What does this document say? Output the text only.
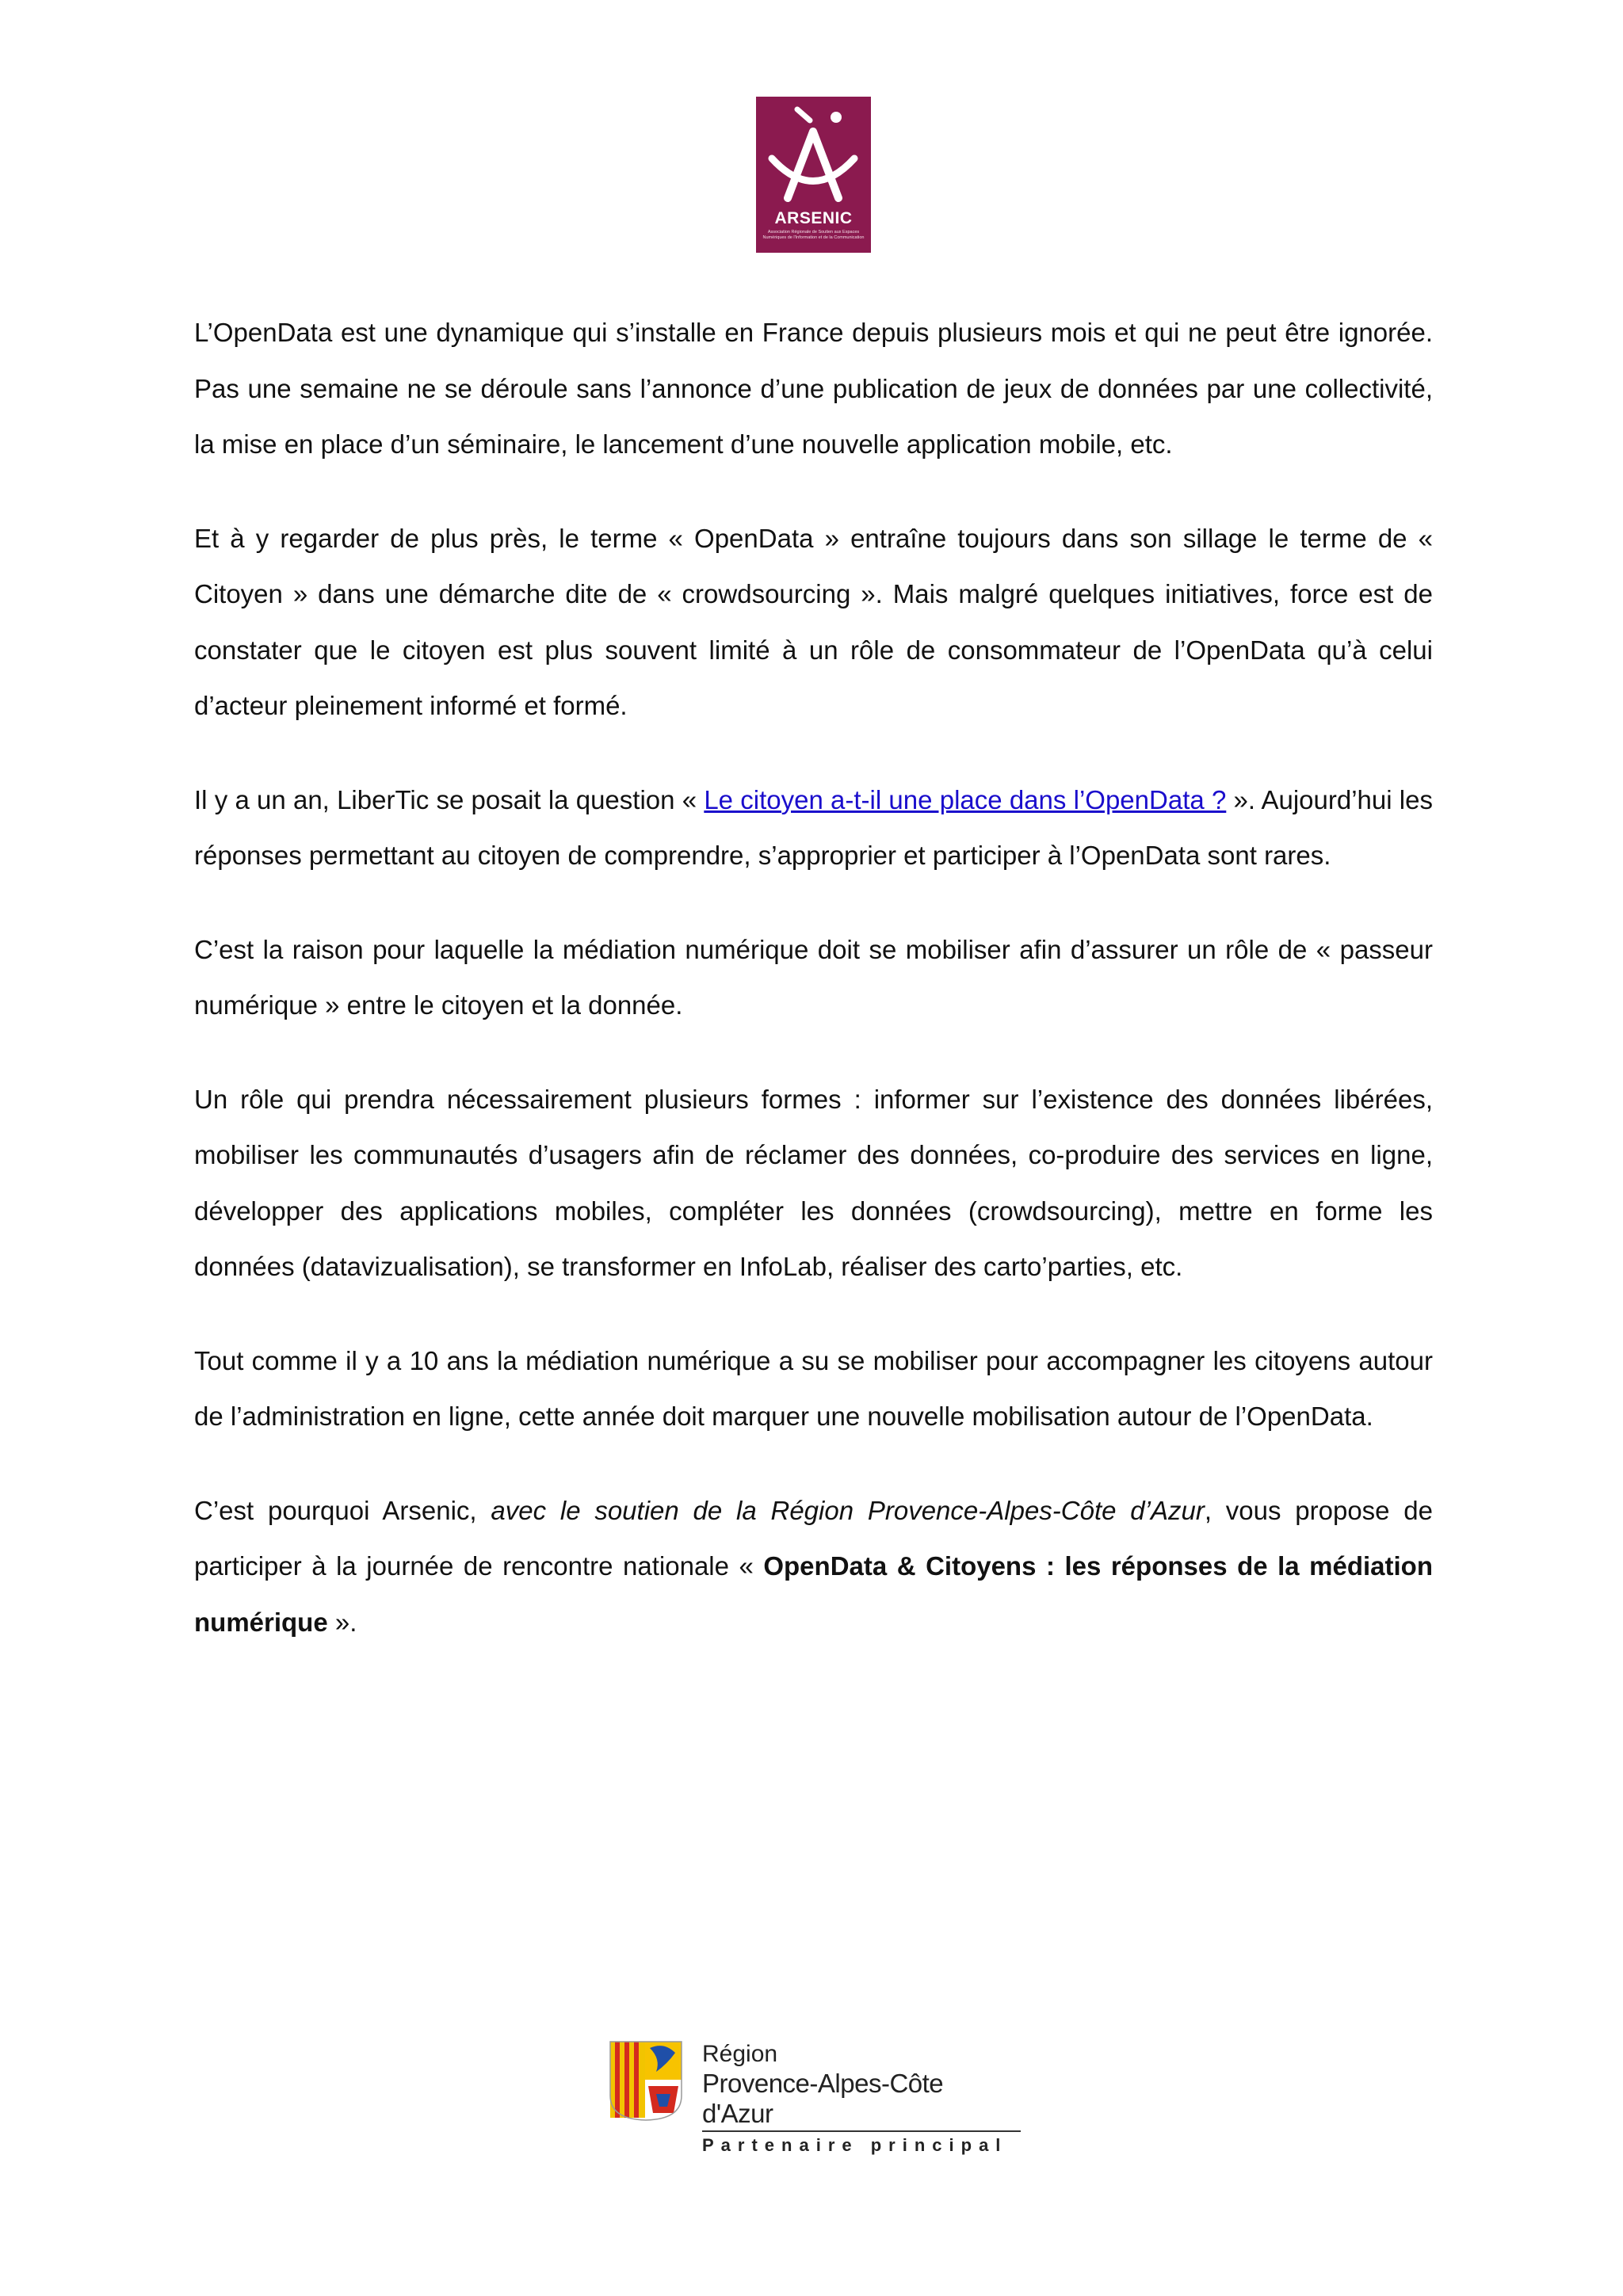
ARSENIC
Association Régionale de Soutien aux Espaces Numériques de l'Information et de la Communication

L’OpenData est une dynamique qui s’installe en France depuis plusieurs mois et qui ne peut être ignorée. Pas une semaine ne se déroule sans l’annonce d’une publication de jeux de données par une collectivité, la mise en place d’un séminaire, le lancement d’une nouvelle application mobile, etc.

Et à y regarder de plus près, le terme « OpenData » entraîne toujours dans son sillage le terme de « Citoyen » dans une démarche dite de « crowdsourcing ». Mais malgré quelques initiatives, force est de constater que le citoyen est plus souvent limité à un rôle de consommateur de l’OpenData qu’à celui d’acteur pleinement informé et formé.

Il y a un an, LiberTic se posait la question « Le citoyen a-t-il une place dans l’OpenData ? ». Aujourd’hui les réponses permettant au citoyen de comprendre, s’approprier et participer à l’OpenData sont rares.

C’est la raison pour laquelle la médiation numérique doit se mobiliser afin d’assurer un rôle de « passeur numérique » entre le citoyen et la donnée.

Un rôle qui prendra nécessairement plusieurs formes : informer sur l’existence des données libérées, mobiliser les communautés d’usagers afin de réclamer des données, co-produire des services en ligne, développer des applications mobiles, compléter les données (crowdsourcing), mettre en forme les données (datavizualisation), se transformer en InfoLab, réaliser des carto’parties, etc.

Tout comme il y a 10 ans la médiation numérique a su se mobiliser pour accompagner les citoyens autour de l’administration en ligne, cette année doit marquer une nouvelle mobilisation autour de l’OpenData.

C’est pourquoi Arsenic, avec le soutien de la Région Provence-Alpes-Côte d’Azur, vous propose de participer à la journée de rencontre nationale « OpenData & Citoyens : les réponses de la médiation numérique ».

Région
Provence-Alpes-Côte d'Azur
Partenaire principal
